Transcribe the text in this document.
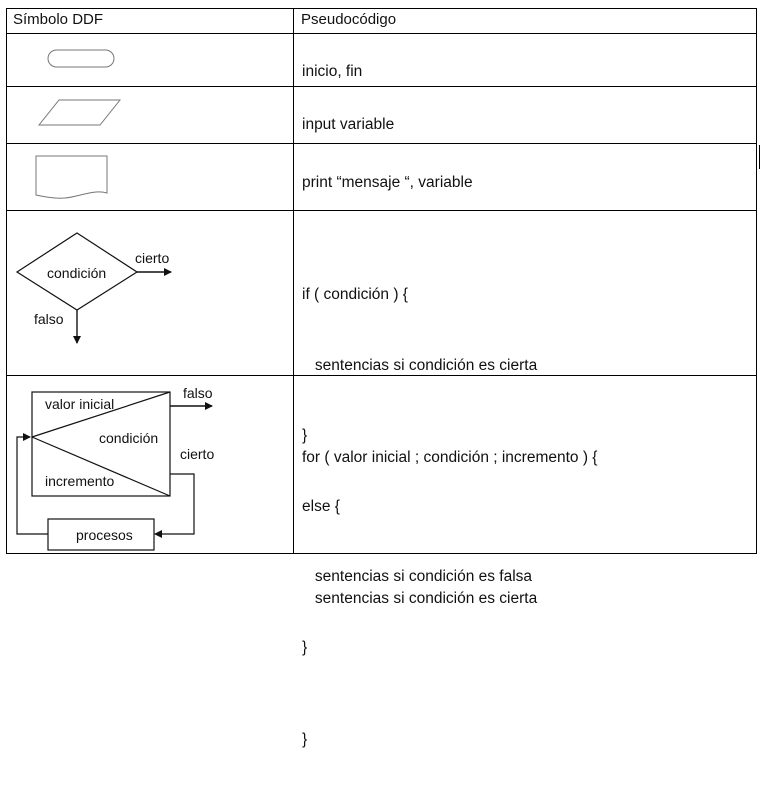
Símbolo DDF	Pseudocódigo
inicio, fin
input variable
print “mensaje “, variable
condición
cierto
falso

if ( condición ) {

sentencias si condición es cierta

}

else {

sentencias si condición es falsa

}

valor inicial
condición
incremento
falso
cierto
procesos

for ( valor inicial ; condición ; incremento ) {

sentencias si condición es cierta

}
